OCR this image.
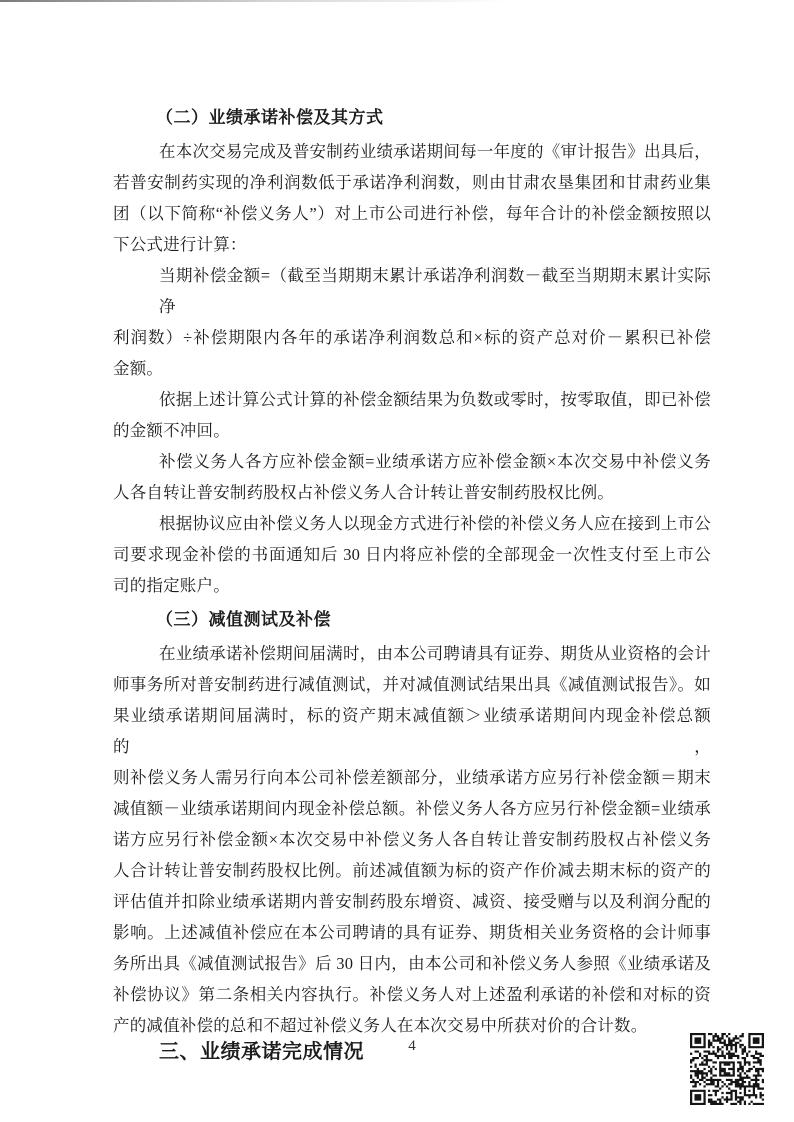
（二）业绩承诺补偿及其方式
在本次交易完成及普安制药业绩承诺期间每一年度的《审计报告》出具后，
若普安制药实现的净利润数低于承诺净利润数，则由甘肃农垦集团和甘肃药业集
团（以下简称“补偿义务人”）对上市公司进行补偿，每年合计的补偿金额按照以
下公式进行计算：
当期补偿金额=（截至当期期末累计承诺净利润数－截至当期期末累计实际净
利润数）÷补偿期限内各年的承诺净利润数总和×标的资产总对价－累积已补偿
金额。
依据上述计算公式计算的补偿金额结果为负数或零时，按零取值，即已补偿
的金额不冲回。
补偿义务人各方应补偿金额=业绩承诺方应补偿金额×本次交易中补偿义务
人各自转让普安制药股权占补偿义务人合计转让普安制药股权比例。
根据协议应由补偿义务人以现金方式进行补偿的补偿义务人应在接到上市公
司要求现金补偿的书面通知后 30 日内将应补偿的全部现金一次性支付至上市公
司的指定账户。
（三）减值测试及补偿
在业绩承诺补偿期间届满时，由本公司聘请具有证券、期货从业资格的会计
师事务所对普安制药进行减值测试，并对减值测试结果出具《减值测试报告》。如
果业绩承诺期间届满时，标的资产期末减值额＞业绩承诺期间内现金补偿总额的，
则补偿义务人需另行向本公司补偿差额部分，业绩承诺方应另行补偿金额＝期末
减值额－业绩承诺期间内现金补偿总额。补偿义务人各方应另行补偿金额=业绩承
诺方应另行补偿金额×本次交易中补偿义务人各自转让普安制药股权占补偿义务
人合计转让普安制药股权比例。前述减值额为标的资产作价减去期末标的资产的
评估值并扣除业绩承诺期内普安制药股东增资、减资、接受赠与以及利润分配的
影响。上述减值补偿应在本公司聘请的具有证券、期货相关业务资格的会计师事
务所出具《减值测试报告》后 30 日内，由本公司和补偿义务人参照《业绩承诺及
补偿协议》第二条相关内容执行。补偿义务人对上述盈利承诺的补偿和对标的资
产的减值补偿的总和不超过补偿义务人在本次交易中所获对价的合计数。
三、业绩承诺完成情况	4
